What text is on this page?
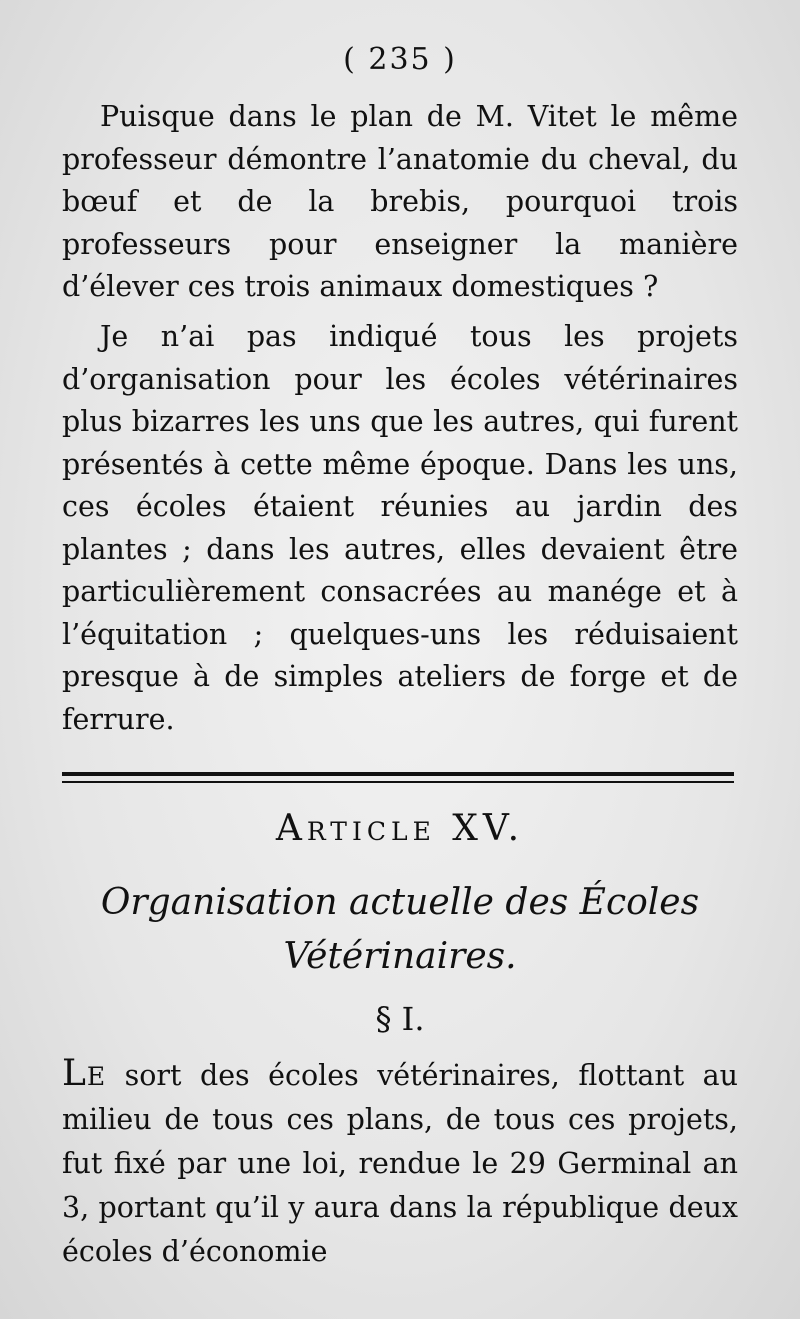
( 235 )

Puisque dans le plan de M. Vitet le même professeur démontre l’anatomie du cheval, du bœuf et de la brebis, pourquoi trois professeurs pour enseigner la manière d’élever ces trois animaux domestiques ?

Je n’ai pas indiqué tous les projets d’organisation pour les écoles vétérinaires plus bizarres les uns que les autres, qui furent présentés à cette même époque. Dans les uns, ces écoles étaient réunies au jardin des plantes ; dans les autres, elles devaient être particulièrement consacrées au manége et à l’équitation ; quelques-uns les réduisaient presque à de simples ateliers de forge et de ferrure.

Article XV.
Organisation actuelle des Écoles Vétérinaires.
§ I.

Le sort des écoles vétérinaires, flottant au milieu de tous ces plans, de tous ces projets, fut fixé par une loi, rendue le 29 Germinal an 3, portant qu’il y aura dans la république deux écoles d’économie
